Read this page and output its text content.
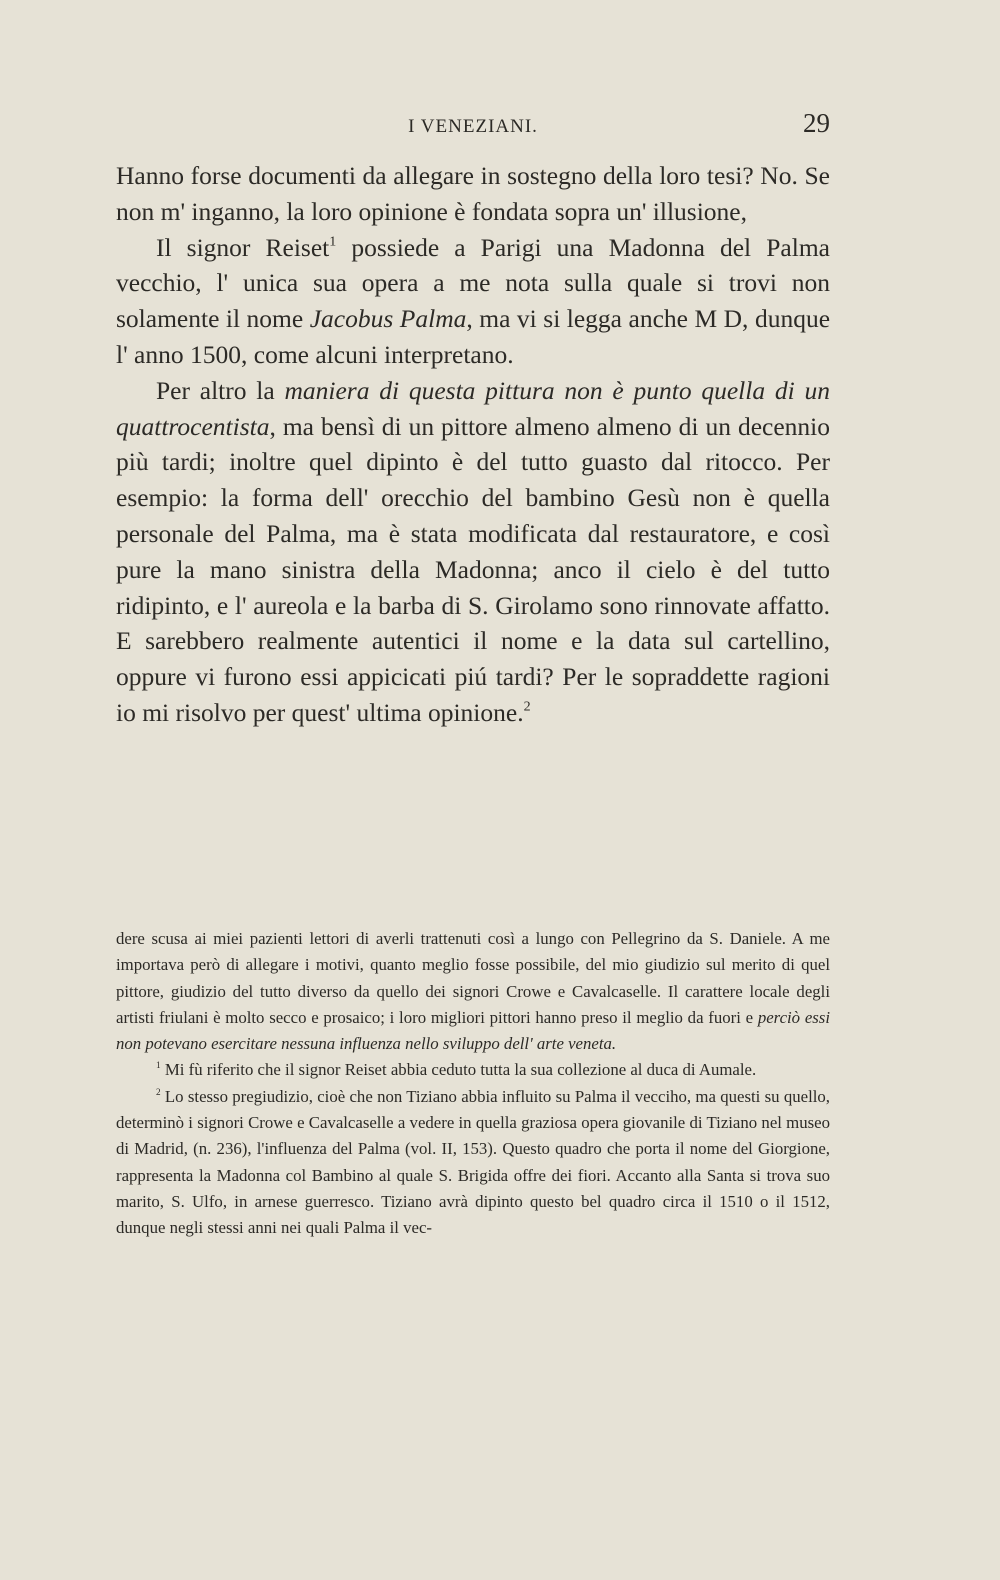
I VENEZIANI.	29

Hanno forse documenti da allegare in sostegno della loro tesi? No. Se non m' inganno, la loro opinione è fondata sopra un' illusione,

Il signor Reiset$^1$ possiede a Parigi una Madonna del Palma vecchio, l' unica sua opera a me nota sulla quale si trovi non solamente il nome Jacobus Palma, ma vi si legga anche M D, dunque l' anno 1500, come alcuni interpretano.

Per altro la maniera di questa pittura non è punto quella di un quattrocentista, ma bensì di un pittore almeno almeno di un decennio più tardi; inoltre quel dipinto è del tutto guasto dal ritocco. Per esempio: la forma dell' orecchio del bambino Gesù non è quella personale del Palma, ma è stata modificata dal restauratore, e così pure la mano sinistra della Madonna; anco il cielo è del tutto ridipinto, e l' aureola e la barba di S. Girolamo sono rinnovate affatto. E sarebbero realmente autentici il nome e la data sul cartellino, oppure vi furono essi appicicati piú tardi? Per le sopraddette ragioni io mi risolvo per quest' ultima opinione.$^2$

dere scusa ai miei pazienti lettori di averli trattenuti così a lungo con Pellegrino da S. Daniele. A me importava però di allegare i motivi, quanto meglio fosse possibile, del mio giudizio sul merito di quel pittore, giudizio del tutto diverso da quello dei signori Crowe e Cavalcaselle. Il carattere locale degli artisti friulani è molto secco e prosaico; i loro migliori pittori hanno preso il meglio da fuori e perciò essi non potevano esercitare nessuna influenza nello sviluppo dell' arte veneta.

$^1$ Mi fù riferito che il signor Reiset abbia ceduto tutta la sua collezione al duca di Aumale.

$^2$ Lo stesso pregiudizio, cioè che non Tiziano abbia influito su Palma il vecciho, ma questi su quello, determinò i signori Crowe e Cavalcaselle a vedere in quella graziosa opera giovanile di Tiziano nel museo di Madrid, (n. 236), l'influenza del Palma (vol. II, 153). Questo quadro che porta il nome del Giorgione, rappresenta la Madonna col Bambino al quale S. Brigida offre dei fiori. Accanto alla Santa si trova suo marito, S. Ulfo, in arnese guerresco. Tiziano avrà dipinto questo bel quadro circa il 1510 o il 1512, dunque negli stessi anni nei quali Palma il vec-
